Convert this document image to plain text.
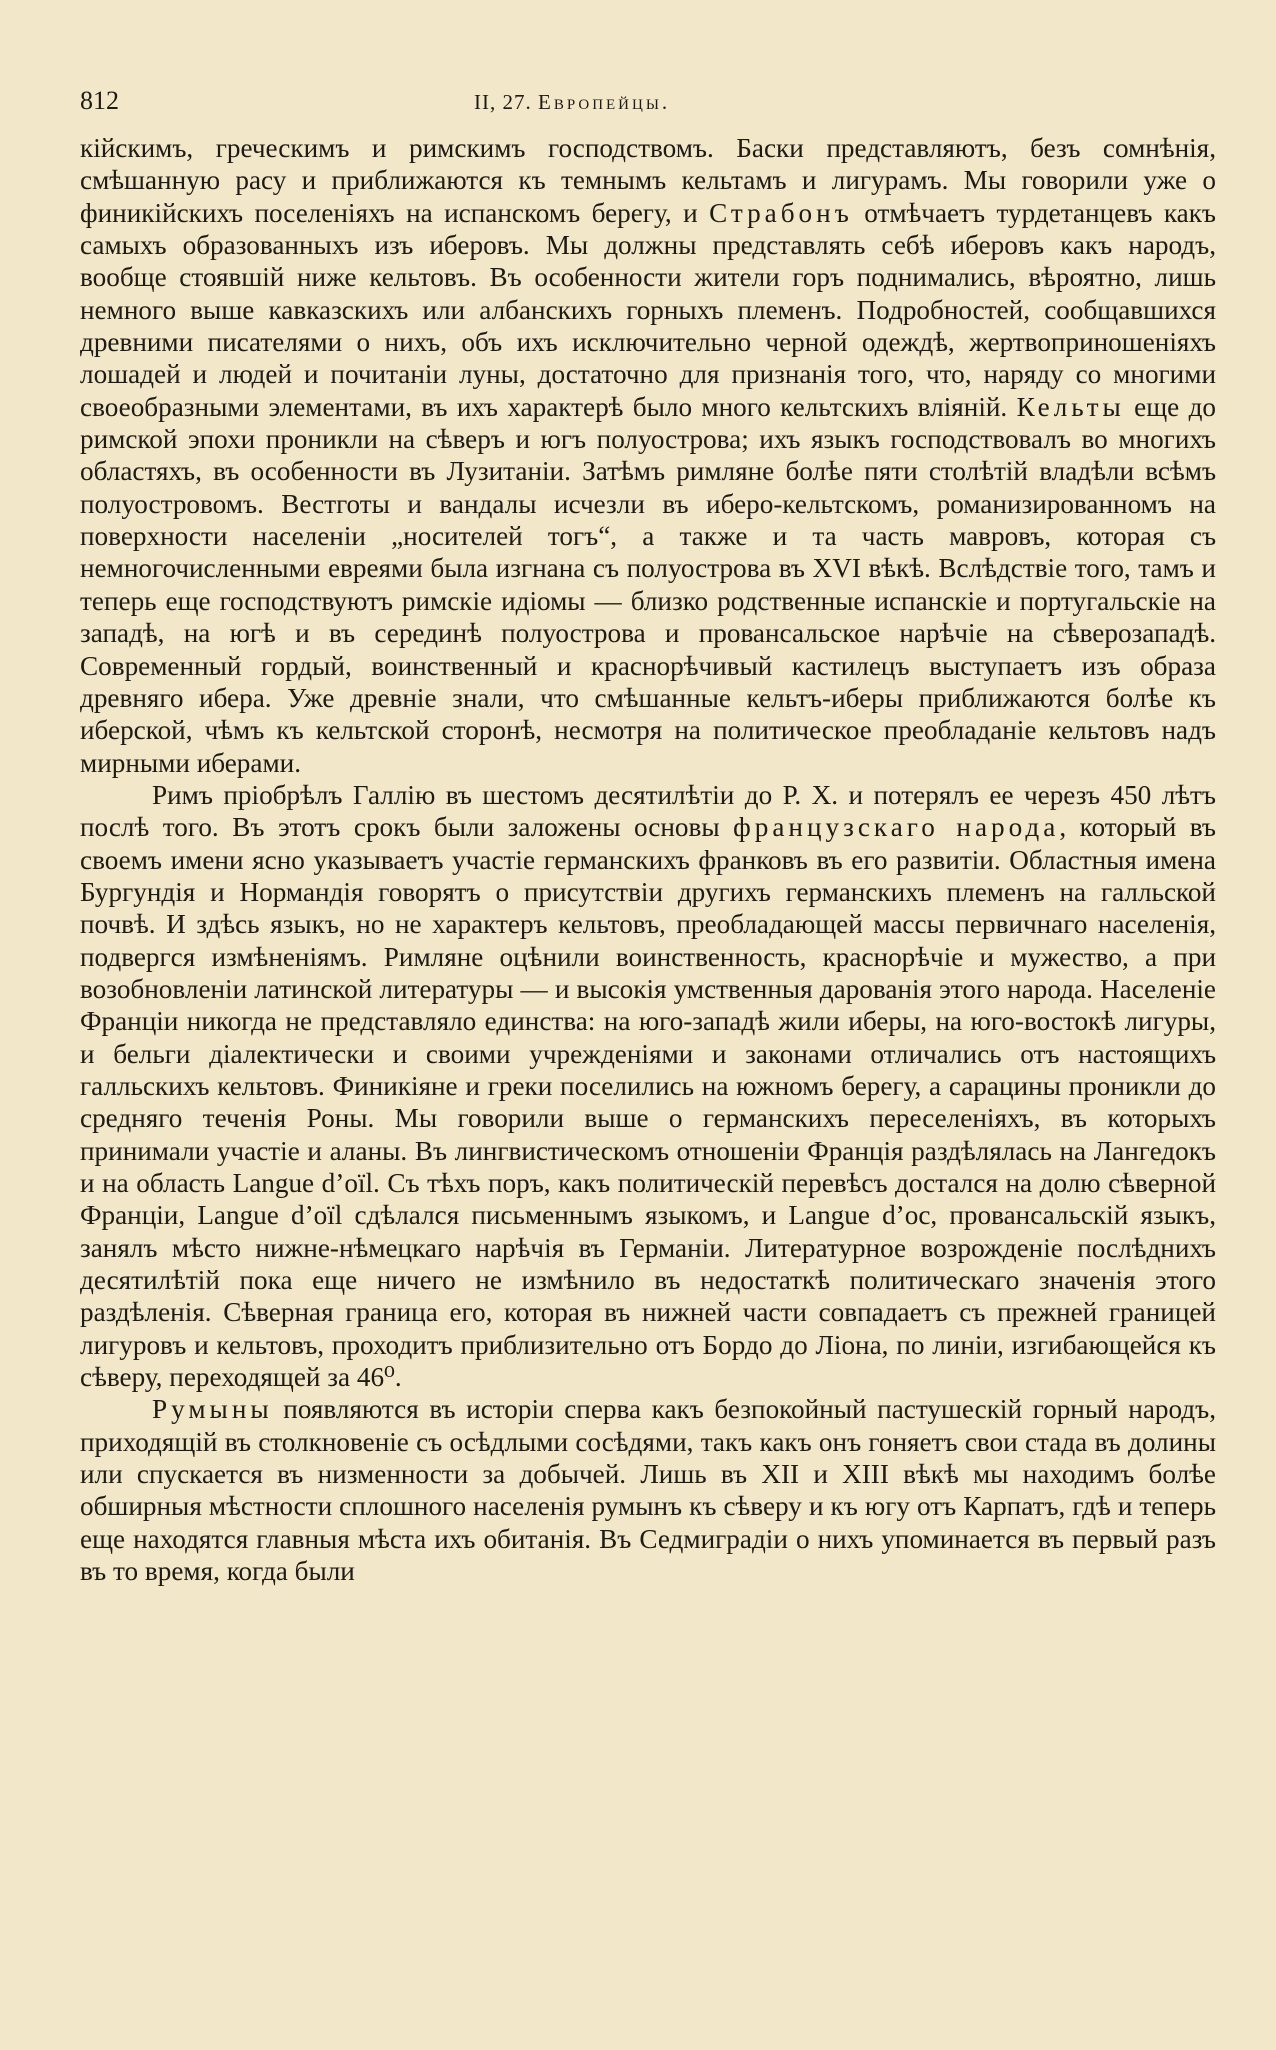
812	II, 27. Европейцы.

кійскимъ, греческимъ и римскимъ господствомъ. Баски представляютъ, безъ сомнѣнія, смѣшанную расу и приближаются къ темнымъ кельтамъ и лигурамъ. Мы говорили уже о финикійскихъ поселеніяхъ на испанскомъ берегу, и Страбонъ отмѣчаетъ турдетанцевъ какъ самыхъ образованныхъ изъ иберовъ. Мы должны представлять себѣ иберовъ какъ народъ, вообще стоявшій ниже кельтовъ. Въ особенности жители горъ поднимались, вѣроятно, лишь немного выше кавказскихъ или албанскихъ горныхъ племенъ. Подробностей, сообщавшихся древними писателями о нихъ, объ ихъ исключительно черной одеждѣ, жертвоприношеніяхъ лошадей и людей и почитаніи луны, достаточно для признанія того, что, наряду со многими своеобразными элементами, въ ихъ характерѣ было много кельтскихъ вліяній. Кельты еще до римской эпохи проникли на сѣверъ и югъ полуострова; ихъ языкъ господствовалъ во многихъ областяхъ, въ особенности въ Лузитаніи. Затѣмъ римляне болѣе пяти столѣтій владѣли всѣмъ полуостровомъ. Вестготы и вандалы исчезли въ иберо-кельтскомъ, романизированномъ на поверхности населеніи „носителей тогъ“, а также и та часть мавровъ, которая съ немногочисленными евреями была изгнана съ полуострова въ XVI вѣкѣ. Вслѣдствіе того, тамъ и теперь еще господствуютъ римскіе идіомы — близко родственные испанскіе и португальскіе на западѣ, на югѣ и въ серединѣ полуострова и провансальское нарѣчіе на сѣверозападѣ. Современный гордый, воинственный и краснорѣчивый кастилецъ выступаетъ изъ образа древняго ибера. Уже древніе знали, что смѣшанные кельтъ-иберы приближаются болѣе къ иберской, чѣмъ къ кельтской сторонѣ, несмотря на политическое преобладаніе кельтовъ надъ мирными иберами.

Римъ пріобрѣлъ Галлію въ шестомъ десятилѣтіи до Р. Х. и потерялъ ее черезъ 450 лѣтъ послѣ того. Въ этотъ срокъ были заложены основы французскаго народа, который въ своемъ имени ясно указываетъ участіе германскихъ франковъ въ его развитіи. Областныя имена Бургундія и Нормандія говорятъ о присутствіи другихъ германскихъ племенъ на галльской почвѣ. И здѣсь языкъ, но не характеръ кельтовъ, преобладающей массы первичнаго населенія, подвергся измѣненіямъ. Римляне оцѣнили воинственность, краснорѣчіе и мужество, а при возобновленіи латинской литературы — и высокія умственныя дарованія этого народа. Населеніе Франціи никогда не представляло единства: на юго-западѣ жили иберы, на юго-востокѣ лигуры, и бельги діалектически и своими учрежденіями и законами отличались отъ настоящихъ галльскихъ кельтовъ. Финикіяне и греки поселились на южномъ берегу, а сарацины проникли до средняго теченія Роны. Мы говорили выше о германскихъ переселеніяхъ, въ которыхъ принимали участіе и аланы. Въ лингвистическомъ отношеніи Франція раздѣлялась на Лангедокъ и на область Langue d’oïl. Съ тѣхъ поръ, какъ политическій перевѣсъ достался на долю сѣверной Франціи, Langue d’oïl сдѣлался письменнымъ языкомъ, и Langue d’oc, провансальскій языкъ, занялъ мѣсто нижне-нѣмецкаго нарѣчія въ Германіи. Литературное возрожденіе послѣднихъ десятилѣтій пока еще ничего не измѣнило въ недостаткѣ политическаго значенія этого раздѣленія. Сѣверная граница его, которая въ нижней части совпадаетъ съ прежней границей лигуровъ и кельтовъ, проходитъ приблизительно отъ Бордо до Ліона, по линіи, изгибающейся къ сѣверу, переходящей за 46⁰.

Румыны появляются въ исторіи сперва какъ безпокойный пастушескій горный народъ, приходящій въ столкновеніе съ осѣдлыми сосѣдями, такъ какъ онъ гоняетъ свои стада въ долины или спускается въ низменности за добычей. Лишь въ XII и XIII вѣкѣ мы находимъ болѣе обширныя мѣстности сплошного населенія румынъ къ сѣверу и къ югу отъ Карпатъ, гдѣ и теперь еще находятся главныя мѣста ихъ обитанія. Въ Седмиградіи о нихъ упоминается въ первый разъ въ то время, когда были
